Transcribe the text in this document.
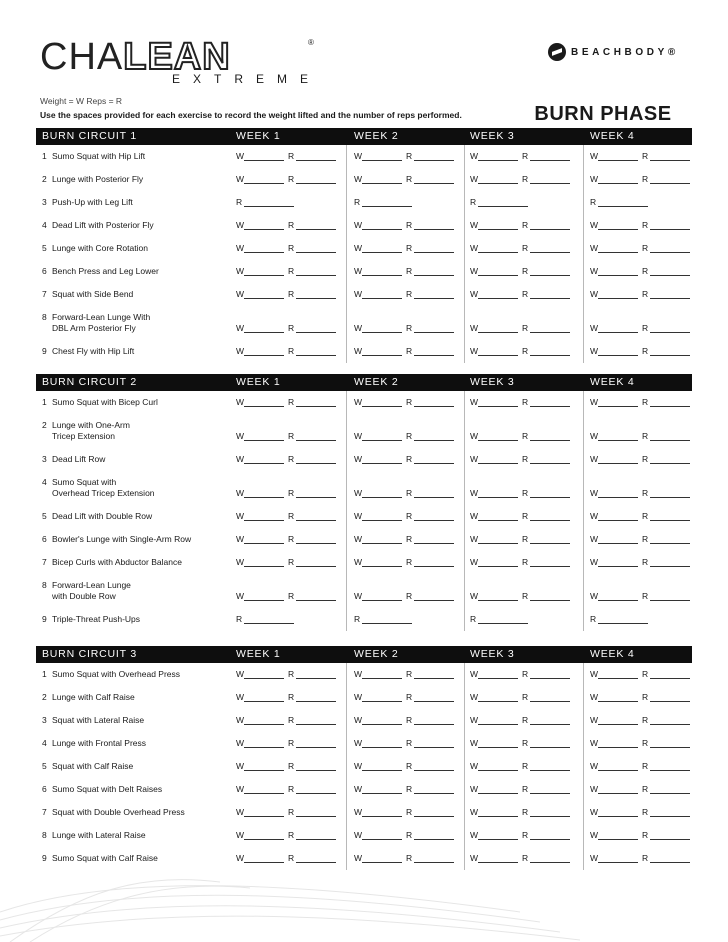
CHALEAN	®
EXTREME
BEACHBODY®
Weight = W Reps = R
Use the spaces provided for each exercise to record the weight lifted and the number of reps performed.	BURN PHASE
BURN CIRCUIT 1	WEEK 1	WEEK 2	WEEK 3	WEEK 4
1 Sumo Squat with Hip Lift	W	R	W	R	W	R	W	R
2 Lunge with Posterior Fly	W	R	W	R	W	R	W	R
3 Push-Up with Leg Lift	R	R	R	R
4 Dead Lift with Posterior Fly	W	R	W	R	W	R	W	R
5 Lunge with Core Rotation	W	R	W	R	W	R	W	R
6 Bench Press and Leg Lower	W	R	W	R	W	R	W	R
7 Squat with Side Bend	W	R	W	R	W	R	W	R
8 Forward-Lean Lunge With
DBL Arm Posterior Fly	W	R	W	R	W	R	W	R
9 Chest Fly with Hip Lift	W	R	W	R	W	R	W	R
BURN CIRCUIT 2	WEEK 1	WEEK 2	WEEK 3	WEEK 4
1 Sumo Squat with Bicep Curl	W	R	W	R	W	R	W	R
2 Lunge with One-Arm
Tricep Extension	W	R	W	R	W	R	W	R
3 Dead Lift Row	W	R	W	R	W	R	W	R
4 Sumo Squat with
Overhead Tricep Extension	W	R	W	R	W	R	W	R
5 Dead Lift with Double Row	W	R	W	R	W	R	W	R
6 Bowler's Lunge with Single-Arm Row	W	R	W	R	W	R	W	R
7 Bicep Curls with Abductor Balance	W	R	W	R	W	R	W	R
8 Forward-Lean Lunge
with Double Row	W	R	W	R	W	R	W	R
9 Triple-Threat Push-Ups	R	R	R	R
BURN CIRCUIT 3	WEEK 1	WEEK 2	WEEK 3	WEEK 4
1 Sumo Squat with Overhead Press	W	R	W	R	W	R	W	R
2 Lunge with Calf Raise	W	R	W	R	W	R	W	R
3 Squat with Lateral Raise	W	R	W	R	W	R	W	R
4 Lunge with Frontal Press	W	R	W	R	W	R	W	R
5 Squat with Calf Raise	W	R	W	R	W	R	W	R
6 Sumo Squat with Delt Raises	W	R	W	R	W	R	W	R
7 Squat with Double Overhead Press	W	R	W	R	W	R	W	R
8 Lunge with Lateral Raise	W	R	W	R	W	R	W	R
9 Sumo Squat with Calf Raise	W	R	W	R	W	R	W	R
